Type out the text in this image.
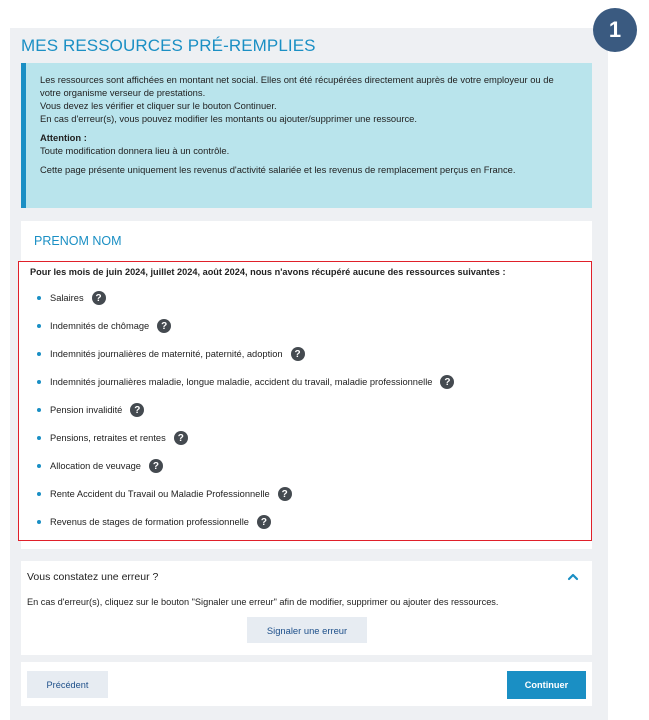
1
MES RESSOURCES PRÉ-REMPLIES

Les ressources sont affichées en montant net social. Elles ont été récupérées directement auprès de votre employeur ou de

votre organisme verseur de prestations.

Vous devez les vérifier et cliquer sur le bouton Continuer.

En cas d'erreur(s), vous pouvez modifier les montants ou ajouter/supprimer une ressource.

Attention :

Toute modification donnera lieu à un contrôle.

Cette page présente uniquement les revenus d'activité salariée et les revenus de remplacement perçus en France.

PRENOM NOM
Pour les mois de juin 2024, juillet 2024, août 2024, nous n'avons récupéré aucune des ressources suivantes :
Salaires	?
Indemnités de chômage	?
Indemnités journalières de maternité, paternité, adoption	?
Indemnités journalières maladie, longue maladie, accident du travail, maladie professionnelle	?
Pension invalidité	?
Pensions, retraites et rentes	?
Allocation de veuvage	?
Rente Accident du Travail ou Maladie Professionnelle	?
Revenus de stages de formation professionnelle	?
Vous constatez une erreur ?
En cas d'erreur(s), cliquez sur le bouton "Signaler une erreur" afin de modifier, supprimer ou ajouter des ressources.
Signaler une erreur
Précédent	Continuer
